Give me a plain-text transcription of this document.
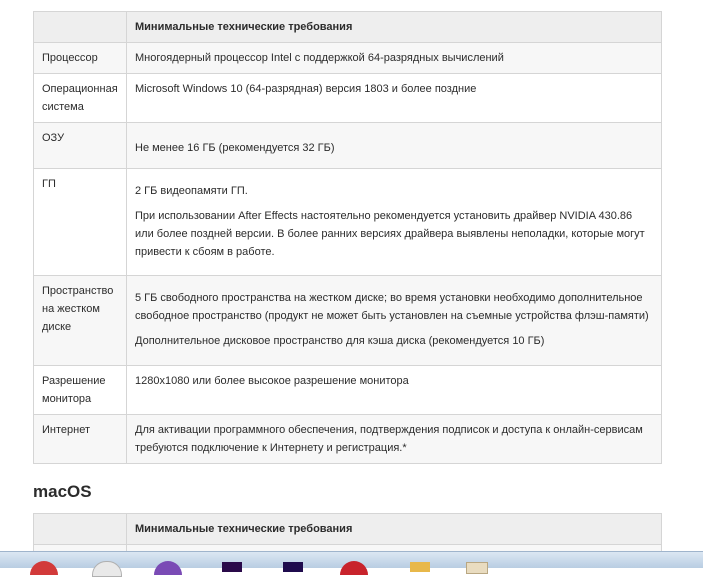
	Минимальные технические требования

Процессор	Многоядерный процессор Intel с поддержкой 64-разрядных вычислений

Операционная система	Microsoft Windows 10 (64-разрядная) версия 1803 и более поздние

ОЗУ	Не менее 16 ГБ (рекомендуется 32 ГБ)

ГП	2 ГБ видеопамяти ГП.

При использовании After Effects настоятельно рекомендуется установить драйвер NVIDIA 430.86 или более поздней версии. В более ранних версиях драйвера выявлены неполадки, которые могут привести к сбоям в работе.

Пространство на жестком диске	5 ГБ свободного пространства на жестком диске; во время установки необходимо дополнительное свободное пространство (продукт не может быть установлен на съемные устройства флэш-памяти)

Дополнительное дисковое пространство для кэша диска (рекомендуется 10 ГБ)

Разрешение монитора	1280x1080 или более высокое разрешение монитора

Интернет	Для активации программного обеспечения, подтверждения подписок и доступа к онлайн-сервисам требуются подключение к Интернету и регистрация.*

macOS
	Минимальные технические требования
